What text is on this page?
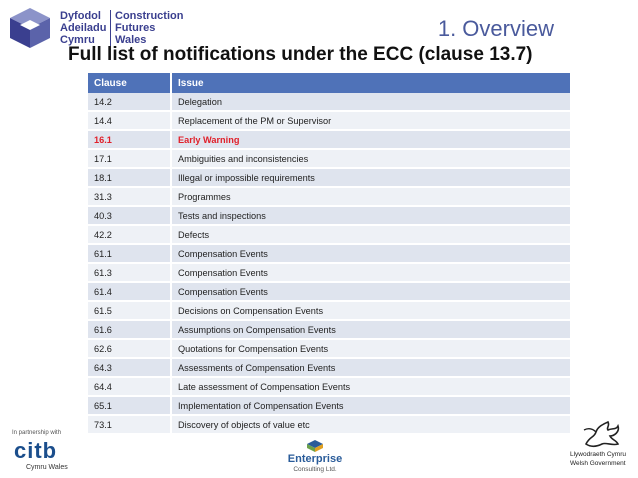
Dyfodol
Adeiladu
Cymru
Construction
Futures
Wales	1. Overview
Full list of notifications under the ECC (clause 13.7)
Clause	Issue
14.2	Delegation
14.4	Replacement of the PM or Supervisor
16.1	Early Warning
17.1	Ambiguities and inconsistencies
18.1	Illegal or impossible requirements
31.3	Programmes
40.3	Tests and inspections
42.2	Defects
61.1	Compensation Events
61.3	Compensation Events
61.4	Compensation Events
61.5	Decisions on Compensation Events
61.6	Assumptions on Compensation Events
62.6	Quotations for Compensation Events
64.3	Assessments of Compensation Events
64.4	Late assessment of Compensation Events
65.1	Implementation of Compensation Events
73.1	Discovery of objects of value etc
In partnership with
citb
Cymru Wales
Enterprise
Consulting Ltd.
Llywodraeth Cymru
Welsh Government
